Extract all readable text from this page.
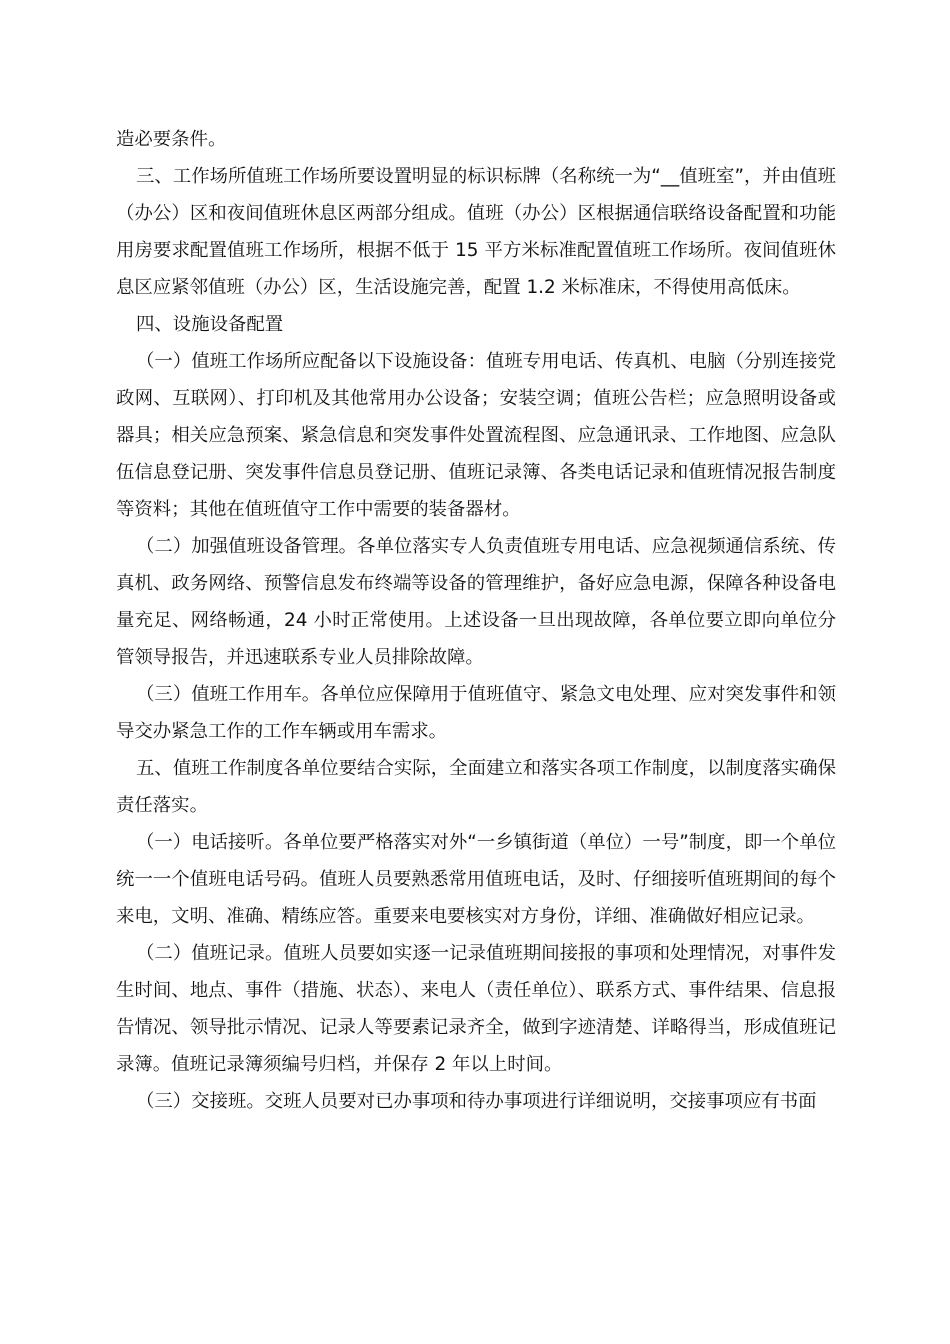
造必要条件。

三、工作场所值班工作场所要设置明显的标识标牌（名称统一为“__值班室”，并由值班（办公）区和夜间值班休息区两部分组成。值班（办公）区根据通信联络设备配置和功能用房要求配置值班工作场所，根据不低于 15 平方米标准配置值班工作场所。夜间值班休息区应紧邻值班（办公）区，生活设施完善，配置 1.2 米标准床，不得使用高低床。

四、设施设备配置

（一）值班工作场所应配备以下设施设备：值班专用电话、传真机、电脑（分别连接党政网、互联网）、打印机及其他常用办公设备；安装空调；值班公告栏；应急照明设备或器具；相关应急预案、紧急信息和突发事件处置流程图、应急通讯录、工作地图、应急队伍信息登记册、突发事件信息员登记册、值班记录簿、各类电话记录和值班情况报告制度等资料；其他在值班值守工作中需要的装备器材。

（二）加强值班设备管理。各单位落实专人负责值班专用电话、应急视频通信系统、传真机、政务网络、预警信息发布终端等设备的管理维护，备好应急电源，保障各种设备电量充足、网络畅通，24 小时正常使用。上述设备一旦出现故障，各单位要立即向单位分管领导报告，并迅速联系专业人员排除故障。

（三）值班工作用车。各单位应保障用于值班值守、紧急文电处理、应对突发事件和领导交办紧急工作的工作车辆或用车需求。

五、值班工作制度各单位要结合实际，全面建立和落实各项工作制度，以制度落实确保责任落实。

（一）电话接听。各单位要严格落实对外“一乡镇街道（单位）一号”制度，即一个单位统一一个值班电话号码。值班人员要熟悉常用值班电话，及时、仔细接听值班期间的每个来电，文明、准确、精练应答。重要来电要核实对方身份，详细、准确做好相应记录。

（二）值班记录。值班人员要如实逐一记录值班期间接报的事项和处理情况，对事件发生时间、地点、事件（措施、状态）、来电人（责任单位）、联系方式、事件结果、信息报告情况、领导批示情况、记录人等要素记录齐全，做到字迹清楚、详略得当，形成值班记录簿。值班记录簿须编号归档，并保存 2 年以上时间。

（三）交接班。交班人员要对已办事项和待办事项进行详细说明，交接事项应有书面
